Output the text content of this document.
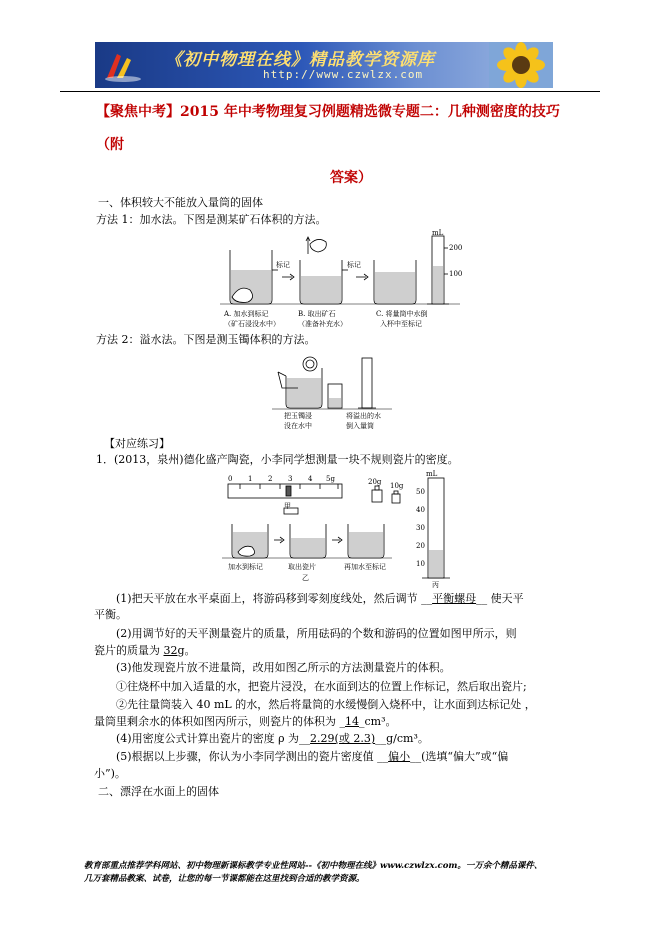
《初中物理在线》精品教学资源库
http://www.czwlzx.com
【聚焦中考】2015 年中考物理复习例题精选微专题二：几种测密度的技巧（附
答案）
一、体积较大不能放入量筒的固体
方法 1：加水法。下图是测某矿石体积的方法。
标记	标记
mL
200
100
A. 加水到标记
（矿石浸没水中）
B. 取出矿石
（准备补充水）
C. 将量筒中水倒
入杯中至标记
方法 2：溢水法。下图是测玉镯体积的方法。
把玉镯浸
没在水中
将溢出的水
倒入量筒
【对应练习】
1．(2013，泉州)德化盛产陶瓷，小李同学想测量一块不规则瓷片的密度。
0 1 2 3 4 5g	20g 10g
甲
加水到标记	取出瓷片	再加水至标记
乙
丙
mL
50
40
30
20
10
(1)把天平放在水平桌面上，将游码移到零刻度线处，然后调节 __平衡螺母__ 使天平
平衡。
(2)用调节好的天平测量瓷片的质量，所用砝码的个数和游码的位置如图甲所示，则
瓷片的质量为 32g。
(3)他发现瓷片放不进量筒，改用如图乙所示的方法测量瓷片的体积。
①往烧杯中加入适量的水，把瓷片浸没，在水面到达的位置上作标记，然后取出瓷片;
②先往量筒装入 40 mL 的水，然后将量筒的水缓慢倒入烧杯中，让水面到达标记处 ，
量筒里剩余水的体积如图丙所示，则瓷片的体积为 _14_cm³。
(4)用密度公式计算出瓷片的密度 ρ 为__2.29(或 2.3)__g/cm³。
(5)根据以上步骤，你认为小李同学测出的瓷片密度值 __偏小__(选填“偏大”或“偏
小”)。
二、漂浮在水面上的固体
教育部重点推荐学科网站、初中物理新课标教学专业性网站--《初中物理在线》www.czwlzx.com。一万余个精品课件、
几万套精品教案、试卷，让您的每一节课都能在这里找到合适的教学资源。
